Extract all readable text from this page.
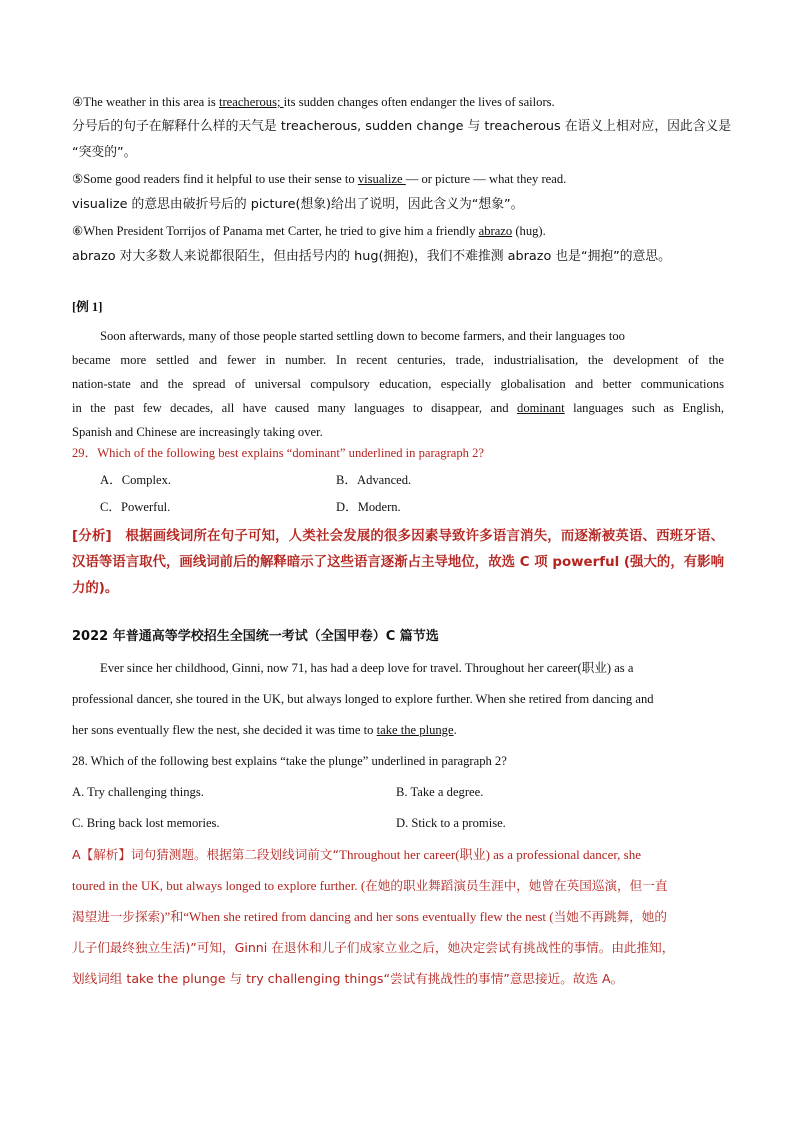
④The weather in this area is treacherous; its sudden changes often endanger the lives of sailors.

分号后的句子在解释什么样的天气是 treacherous, sudden change 与 treacherous 在语义上相对应，因此含义是

“突变的”。

⑤Some good readers find it helpful to use their sense to visualize — or picture — what they read.

visualize 的意思由破折号后的 picture(想象)给出了说明，因此含义为“想象”。

⑥When President Torrijos of Panama met Carter, he tried to give him a friendly abrazo (hug).

abrazo 对大多数人来说都很陌生，但由括号内的 hug(拥抱)，我们不难推测 abrazo 也是“拥抱”的意思。

[例 1]

Soon afterwards, many of those people started settling down to become farmers, and their languages too

became more settled and fewer in number. In recent centuries, trade, industrialisation, the development of the

nation-state and the spread of universal compulsory education, especially globalisation and better communications

in the past few decades, all have caused many languages to disappear, and dominant languages such as English,

Spanish and Chinese are increasingly taking over.

29．Which of the following best explains “dominant” underlined in paragraph 2?

A．Complex.	B．Advanced.
C．Powerful.	D．Modern.

[分析]　根据画线词所在句子可知，人类社会发展的很多因素导致许多语言消失，而逐渐被英语、西班牙语、汉语等语言取代，画线词前后的解释暗示了这些语言逐渐占主导地位，故选 C 项 powerful (强大的，有影响力的)。

2022 年普通高等学校招生全国统一考试（全国甲卷）C 篇节选

Ever since her childhood, Ginni, now 71, has had a deep love for travel. Throughout her career(职业) as a

professional dancer, she toured in the UK, but always longed to explore further. When she retired from dancing and

her sons eventually flew the nest, she decided it was time to take the plunge.

28. Which of the following best explains “take the plunge” underlined in paragraph 2?

A. Try challenging things.	B. Take a degree.
C. Bring back lost memories.	D. Stick to a promise.

A【解析】词句猜测题。根据第二段划线词前文“Throughout her career(职业) as a professional dancer, she

toured in the UK, but always longed to explore further. (在她的职业舞蹈演员生涯中，她曾在英国巡演，但一直

渴望进一步探索)”和“When she retired from dancing and her sons eventually flew the nest (当她不再跳舞，她的

儿子们最终独立生活)”可知，Ginni 在退休和儿子们成家立业之后，她决定尝试有挑战性的事情。由此推知，

划线词组 take the plunge 与 try challenging things“尝试有挑战性的事情”意思接近。故选 A。
